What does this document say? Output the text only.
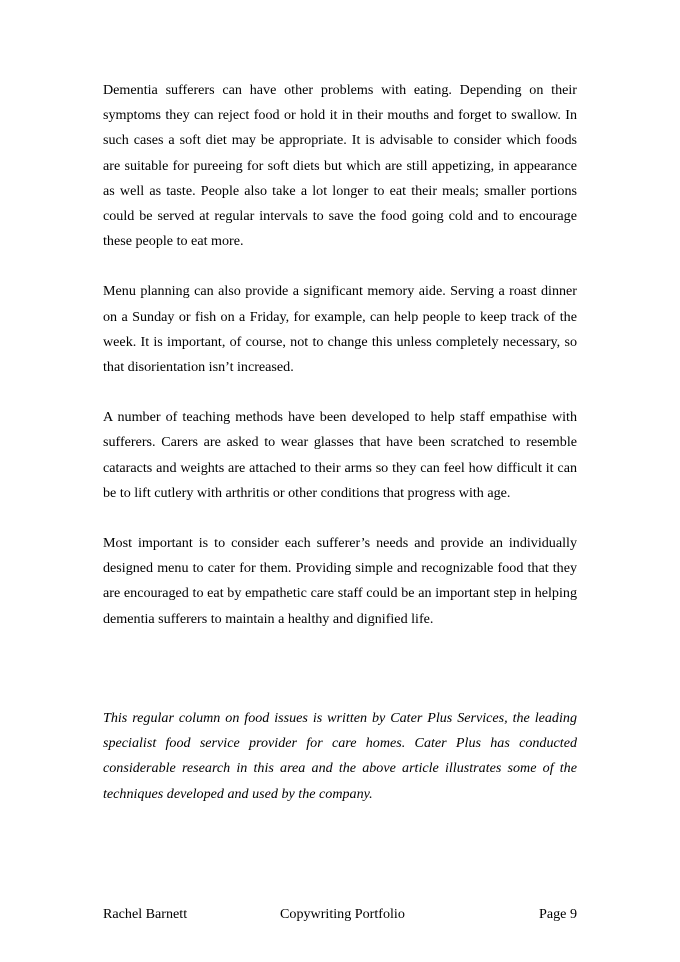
Dementia sufferers can have other problems with eating. Depending on their symptoms they can reject food or hold it in their mouths and forget to swallow. In such cases a soft diet may be appropriate. It is advisable to consider which foods are suitable for pureeing for soft diets but which are still appetizing, in appearance as well as taste. People also take a lot longer to eat their meals; smaller portions could be served at regular intervals to save the food going cold and to encourage these people to eat more.

Menu planning can also provide a significant memory aide. Serving a roast dinner on a Sunday or fish on a Friday, for example, can help people to keep track of the week. It is important, of course, not to change this unless completely necessary, so that disorientation isn’t increased.

A number of teaching methods have been developed to help staff empathise with sufferers. Carers are asked to wear glasses that have been scratched to resemble cataracts and weights are attached to their arms so they can feel how difficult it can be to lift cutlery with arthritis or other conditions that progress with age.

Most important is to consider each sufferer’s needs and provide an individually designed menu to cater for them. Providing simple and recognizable food that they are encouraged to eat by empathetic care staff could be an important step in helping dementia sufferers to maintain a healthy and dignified life.

This regular column on food issues is written by Cater Plus Services, the leading specialist food service provider for care homes. Cater Plus has conducted considerable research in this area and the above article illustrates some of the techniques developed and used by the company.

Rachel Barnett	Copywriting Portfolio	Page 9
